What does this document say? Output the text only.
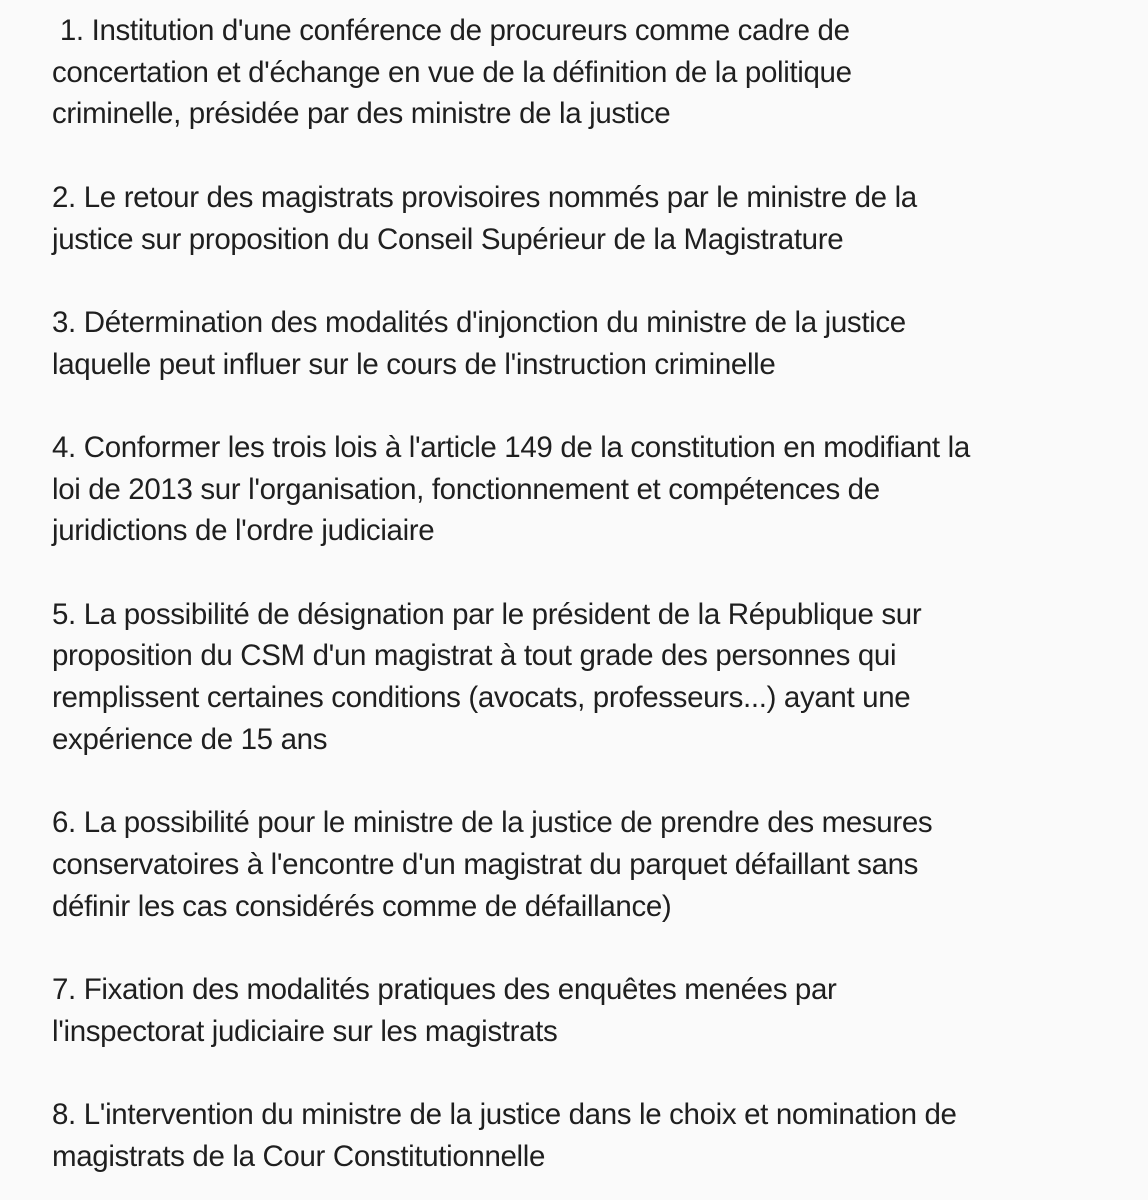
1. Institution d'une conférence de procureurs comme cadre de
concertation et d'échange en vue de la définition de la politique
criminelle, présidée par des ministre de la justice

2. Le retour des magistrats provisoires nommés par le ministre de la
justice sur proposition du Conseil Supérieur de la Magistrature

3. Détermination des modalités d'injonction du ministre de la justice
laquelle peut influer sur le cours de l'instruction criminelle

4. Conformer les trois lois à l'article 149 de la constitution en modifiant la
loi de 2013 sur l'organisation, fonctionnement et compétences de
juridictions de l'ordre judiciaire

5. La possibilité de désignation par le président de la République sur
proposition du CSM d'un magistrat à tout grade des personnes qui
remplissent certaines conditions (avocats, professeurs...) ayant une
expérience de 15 ans

6. La possibilité pour le ministre de la justice de prendre des mesures
conservatoires à l'encontre d'un magistrat du parquet défaillant sans
définir les cas considérés comme de défaillance)

7. Fixation des modalités pratiques des enquêtes menées par
l'inspectorat judiciaire sur les magistrats

8. L'intervention du ministre de la justice dans le choix et nomination de
magistrats de la Cour Constitutionnelle
